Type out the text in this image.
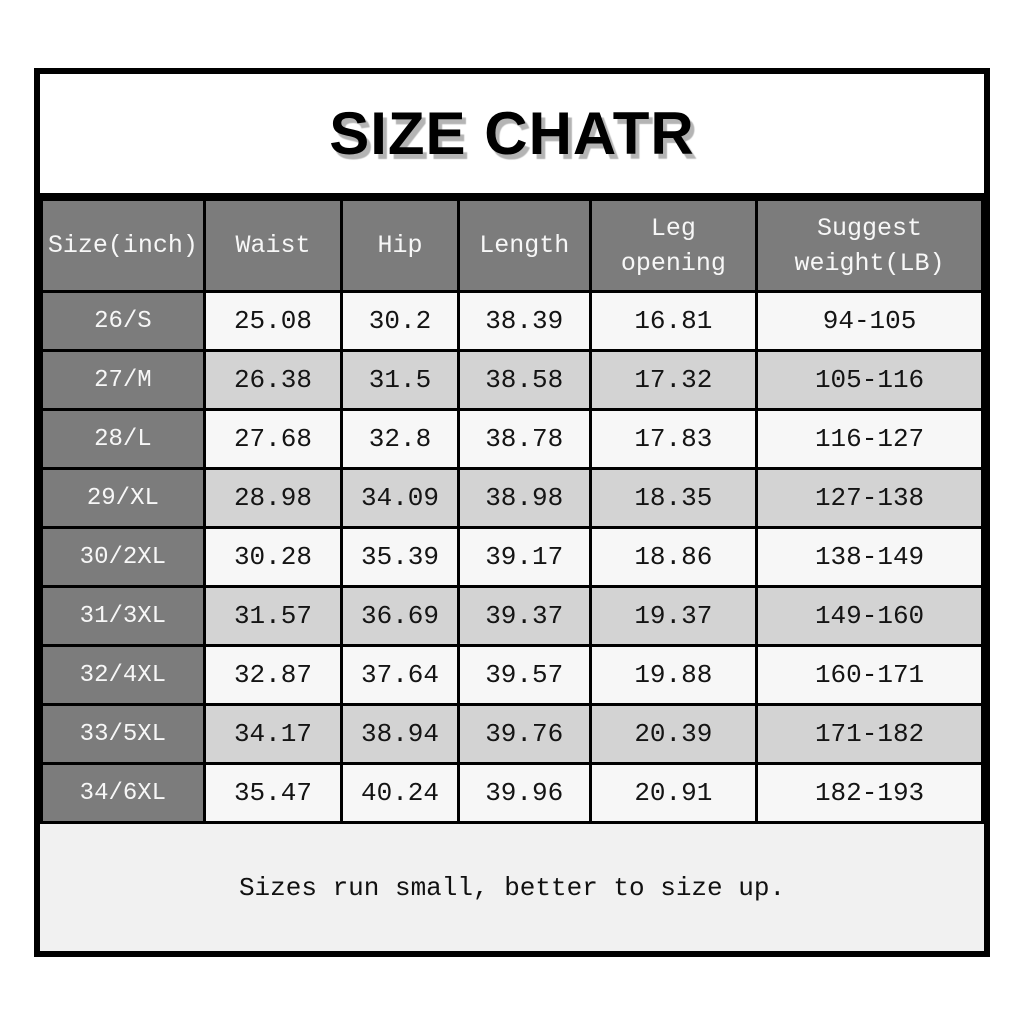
SIZE CHATR
Size(inch)	Waist	Hip	Length	Leg opening	Suggest weight(LB)
26/S	25.08	30.2	38.39	16.81	94-105
27/M	26.38	31.5	38.58	17.32	105-116
28/L	27.68	32.8	38.78	17.83	116-127
29/XL	28.98	34.09	38.98	18.35	127-138
30/2XL	30.28	35.39	39.17	18.86	138-149
31/3XL	31.57	36.69	39.37	19.37	149-160
32/4XL	32.87	37.64	39.57	19.88	160-171
33/5XL	34.17	38.94	39.76	20.39	171-182
34/6XL	35.47	40.24	39.96	20.91	182-193
Sizes run small, better to size up.
